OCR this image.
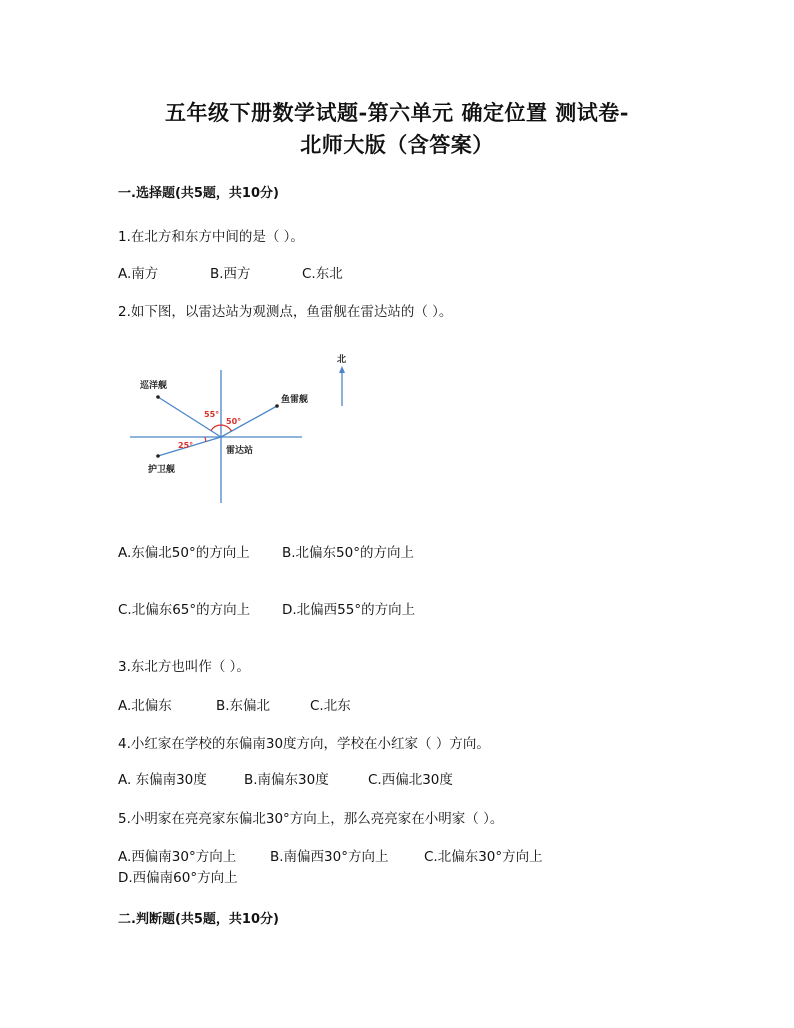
五年级下册数学试题-第六单元 确定位置 测试卷-
北师大版（含答案）
一.选择题(共5题，共10分)
1.在北方和东方中间的是（ ）。
A.南方	B.西方	C.东北
2.如下图，以雷达站为观测点，鱼雷舰在雷达站的（ ）。
55°
50°
25°
巡洋舰
鱼雷舰
护卫舰
雷达站
北
A.东偏北50°的方向上 B.北偏东50°的方向上
C.北偏东65°的方向上 D.北偏西55°的方向上
3.东北方也叫作（ ）。
A.北偏东	B.东偏北	C.北东
4.小红家在学校的东偏南30度方向，学校在小红家（ ）方向。
A. 东偏南30度	B.南偏东30度	C.西偏北30度
5.小明家在亮亮家东偏北30°方向上，那么亮亮家在小明家（ ）。
A.西偏南30°方向上	B.南偏西30°方向上	C.北偏东30°方向上
D.西偏南60°方向上
二.判断题(共5题，共10分)
